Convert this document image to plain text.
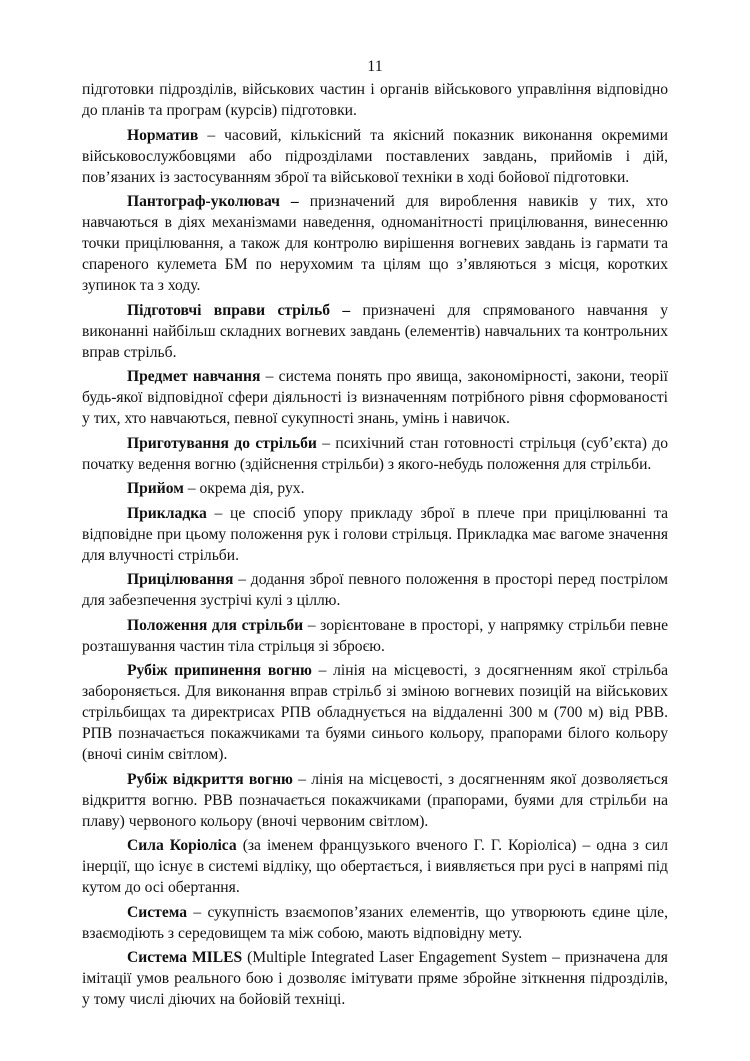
11

підготовки підрозділів, військових частин і органів військового управління відповідно до планів та програм (курсів) підготовки.

Норматив – часовий, кількісний та якісний показник виконання окремими військовослужбовцями або підрозділами поставлених завдань, прийомів і дій, пов’язаних із застосуванням зброї та військової техніки в ході бойової підготовки.

Пантограф-уколювач – призначений для вироблення навиків у тих, хто навчаються в діях механізмами наведення, одноманітності прицілювання, винесенню точки прицілювання, а також для контролю вирішення вогневих завдань із гармати та спареного кулемета БМ по нерухомим та цілям що з’являються з місця, коротких зупинок та з ходу.

Підготовчі вправи стрільб – призначені для спрямованого навчання у виконанні найбільш складних вогневих завдань (елементів) навчальних та контрольних вправ стрільб.

Предмет навчання – система понять про явища, закономірності, закони, теорії будь-якої відповідної сфери діяльності із визначенням потрібного рівня сформованості у тих, хто навчаються, певної сукупності знань, умінь і навичок.

Приготування до стрільби – психічний стан готовності стрільця (суб’єкта) до початку ведення вогню (здійснення стрільби) з якого-небудь положення для стрільби.

Прийом – окрема дія, рух.

Прикладка – це спосіб упору прикладу зброї в плече при прицілюванні та відповідне при цьому положення рук і голови стрільця. Прикладка має вагоме значення для влучності стрільби.

Прицілювання – додання зброї певного положення в просторі перед пострілом для забезпечення зустрічі кулі з ціллю.

Положення для стрільби – зорієнтоване в просторі, у напрямку стрільби певне розташування частин тіла стрільця зі зброєю.

Рубіж припинення вогню – лінія на місцевості, з досягненням якої стрільба забороняється. Для виконання вправ стрільб зі зміною вогневих позицій на військових стрільбищах та директрисах РПВ обладнується на віддаленні 300 м (700 м) від РВВ. РПВ позначається покажчиками та буями синього кольору, прапорами білого кольору (вночі синім світлом).

Рубіж відкриття вогню – лінія на місцевості, з досягненням якої дозволяється відкриття вогню. РВВ позначається покажчиками (прапорами, буями для стрільби на плаву) червоного кольору (вночі червоним світлом).

Сила Коріоліса (за іменем французького вченого Г. Г. Коріоліса) – одна з сил інерції, що існує в системі відліку, що обертається, і виявляється при русі в напрямі під кутом до осі обертання.

Система – сукупність взаємопов’язаних елементів, що утворюють єдине ціле, взаємодіють з середовищем та між собою, мають відповідну мету.

Система MILES (Multiple Integrated Laser Engagement System – призначена для імітації умов реального бою і дозволяє імітувати пряме збройне зіткнення підрозділів, у тому числі діючих на бойовій техніці.
